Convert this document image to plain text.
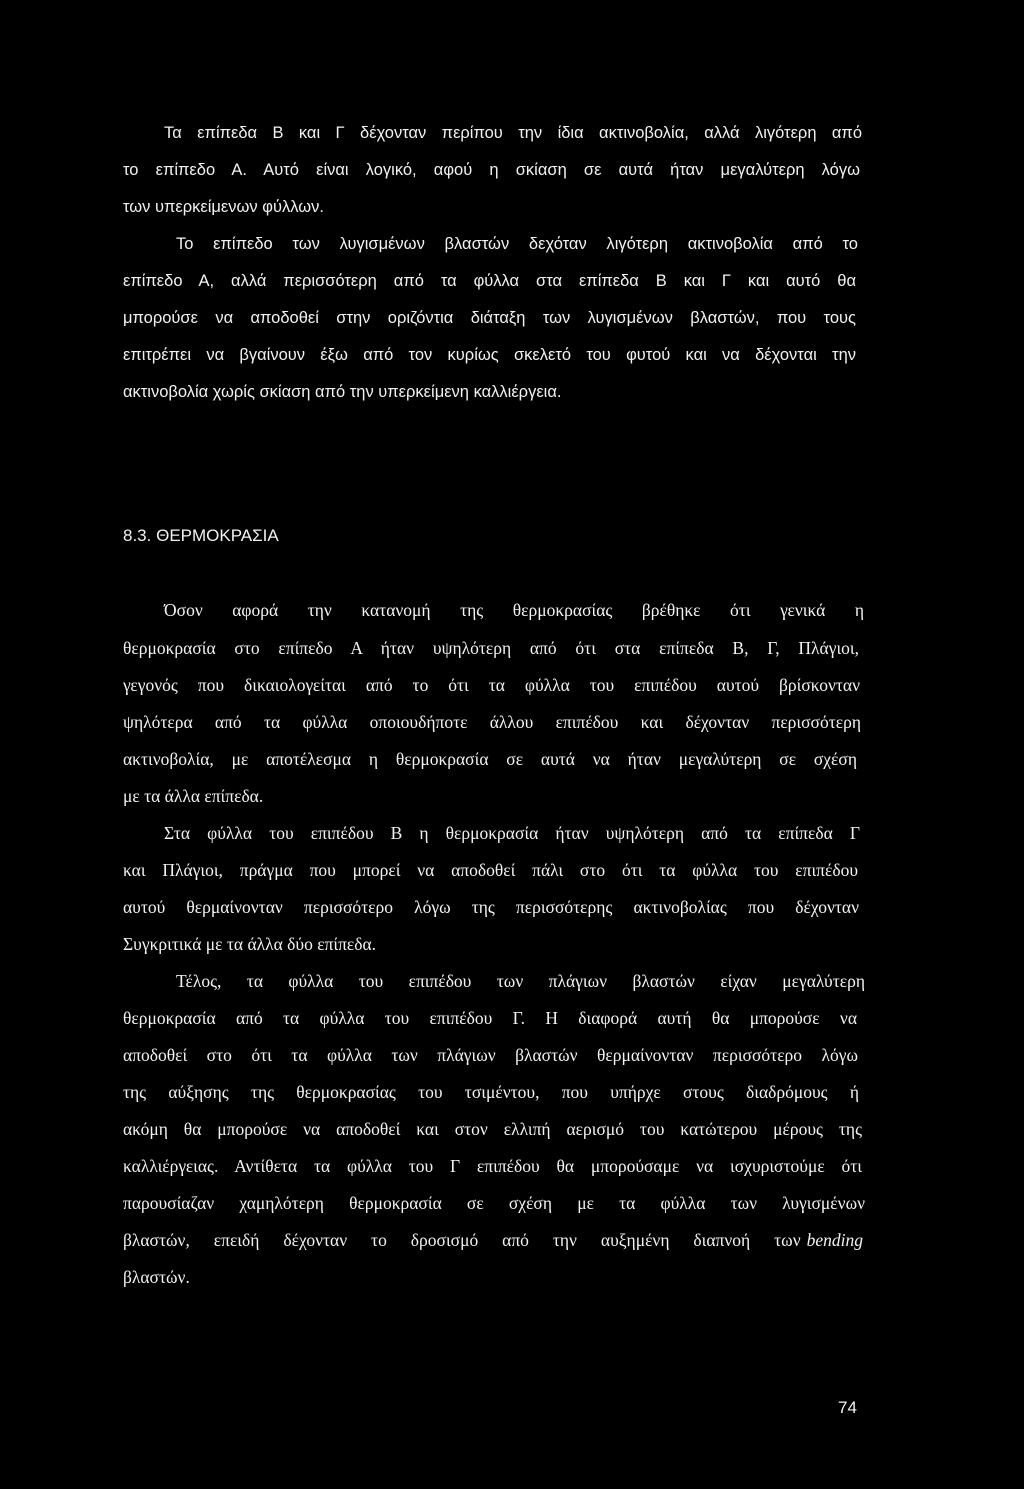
Τα επίπεδα Β και Γ δέχονταν περίπου την ίδια ακτινοβολία, αλλά λιγότερη από
το επίπεδο Α. Αυτό είναι λογικό, αφού η σκίαση σε αυτά ήταν μεγαλύτερη λόγω
των υπερκείμενων φύλλων.
Το επίπεδο των λυγισμένων βλαστών δεχόταν λιγότερη ακτινοβολία από το
επίπεδο Α, αλλά περισσότερη από τα φύλλα στα επίπεδα Β και Γ και αυτό θα
μπορούσε να αποδοθεί στην οριζόντια διάταξη των λυγισμένων βλαστών, που τους
επιτρέπει να βγαίνουν έξω από τον κυρίως σκελετό του φυτού και να δέχονται την
ακτινοβολία χωρίς σκίαση από την υπερκείμενη καλλιέργεια.
8.3. ΘΕΡΜΟΚΡΑΣΙΑ
Όσον αφορά την κατανομή της θερμοκρασίας βρέθηκε ότι γενικά η
θερμοκρασία στο επίπεδο Α ήταν υψηλότερη από ότι στα επίπεδα Β, Γ, Πλάγιοι,
γεγονός που δικαιολογείται από το ότι τα φύλλα του επιπέδου αυτού βρίσκονταν
ψηλότερα από τα φύλλα οποιουδήποτε άλλου επιπέδου και δέχονταν περισσότερη
ακτινοβολία, με αποτέλεσμα η θερμοκρασία σε αυτά να ήταν μεγαλύτερη σε σχέση
με τα άλλα επίπεδα.
Στα φύλλα του επιπέδου Β η θερμοκρασία ήταν υψηλότερη από τα επίπεδα Γ
και Πλάγιοι, πράγμα που μπορεί να αποδοθεί πάλι στο ότι τα φύλλα του επιπέδου
αυτού θερμαίνονταν περισσότερο λόγω της περισσότερης ακτινοβολίας που δέχονταν
Συγκριτικά με τα άλλα δύο επίπεδα.
Τέλος, τα φύλλα του επιπέδου των πλάγιων βλαστών είχαν μεγαλύτερη
θερμοκρασία από τα φύλλα του επιπέδου Γ. Η διαφορά αυτή θα μπορούσε να
αποδοθεί στο ότι τα φύλλα των πλάγιων βλαστών θερμαίνονταν περισσότερο λόγω
της αύξησης της θερμοκρασίας του τσιμέντου, που υπήρχε στους διαδρόμους ή
ακόμη θα μπορούσε να αποδοθεί και στον ελλιπή αερισμό του κατώτερου μέρους της
καλλιέργειας. Αντίθετα τα φύλλα του Γ επιπέδου θα μπορούσαμε να ισχυριστούμε ότι
παρουσίαζαν χαμηλότερη θερμοκρασία σε σχέση με τα φύλλα των λυγισμένων
βλαστών, επειδή δέχονταν το δροσισμό από την αυξημένη διαπνοή των bending
βλαστών.
74
